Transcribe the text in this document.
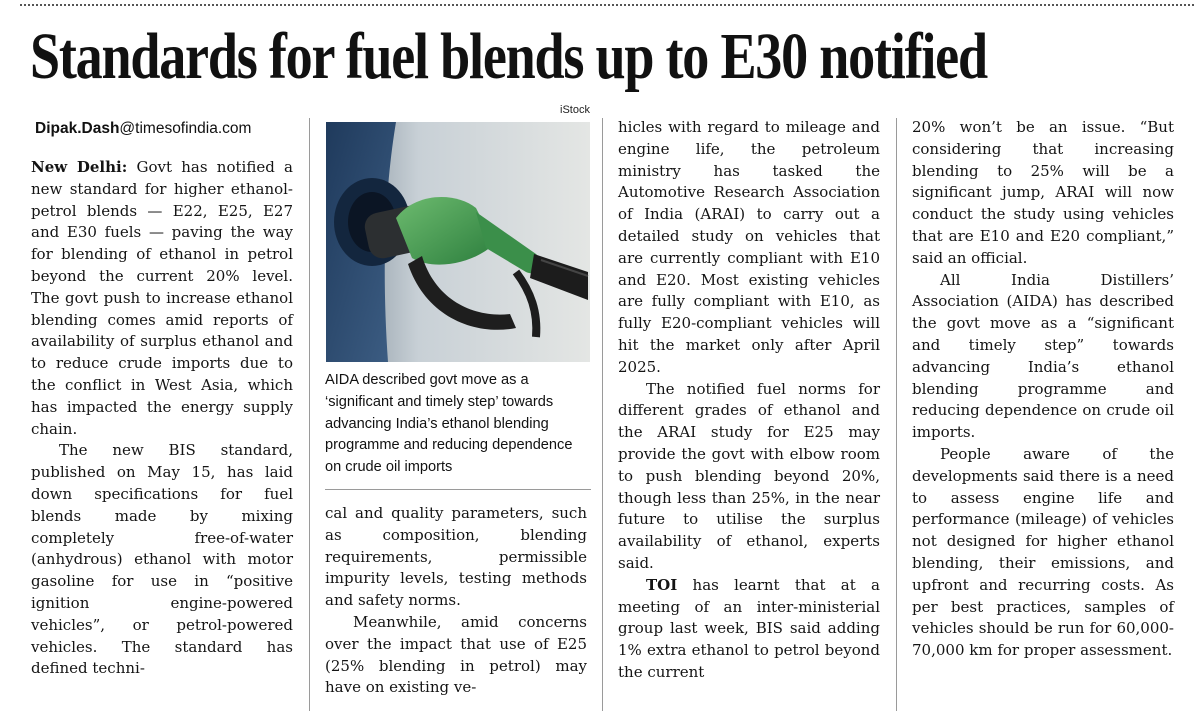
Standards for fuel blends up to E30 notified
Dipak.Dash@timesofindia.com

New Delhi: Govt has notified a new standard for higher ethanol-petrol blends — E22, E25, E27 and E30 fuels — paving the way for blending of ethanol in petrol beyond the current 20% level. The govt push to increase ethanol blending comes amid reports of availability of surplus ethanol and to reduce crude imports due to the conflict in West Asia, which has impacted the energy supply chain.

The new BIS standard, published on May 15, has laid down specifications for fuel blends made by mixing completely free-of-water (anhydrous) ethanol with motor gasoline for use in “positive ignition engine-powered vehicles”, or petrol-powered vehicles. The standard has defined techni-

iStock
AIDA described govt move as a ‘significant and timely step’ towards advancing India’s ethanol blending programme and reducing dependence on crude oil imports

cal and quality parameters, such as composition, blending requirements, permissible impurity levels, testing methods and safety norms.

Meanwhile, amid concerns over the impact that use of E25 (25% blending in petrol) may have on existing ve-

hicles with regard to mileage and engine life, the petroleum ministry has tasked the Automotive Research Association of India (ARAI) to carry out a detailed study on vehicles that are currently compliant with E10 and E20. Most existing vehicles are fully compliant with E10, as fully E20-compliant vehicles will hit the market only after April 2025.

The notified fuel norms for different grades of ethanol and the ARAI study for E25 may provide the govt with elbow room to push blending beyond 20%, though less than 25%, in the near future to utilise the surplus availability of ethanol, experts said.

TOI has learnt that at a meeting of an inter-ministerial group last week, BIS said adding 1% extra ethanol to petrol beyond the current

20% won’t be an issue. “But considering that increasing blending to 25% will be a significant jump, ARAI will now conduct the study using vehicles that are E10 and E20 compliant,” said an official.

All India Distillers’ Association (AIDA) has described the govt move as a “significant and timely step” towards advancing India’s ethanol blending programme and reducing dependence on crude oil imports.

People aware of the developments said there is a need to assess engine life and performance (mileage) of vehicles not designed for higher ethanol blending, their emissions, and upfront and recurring costs. As per best practices, samples of vehicles should be run for 60,000-70,000 km for proper assessment.
